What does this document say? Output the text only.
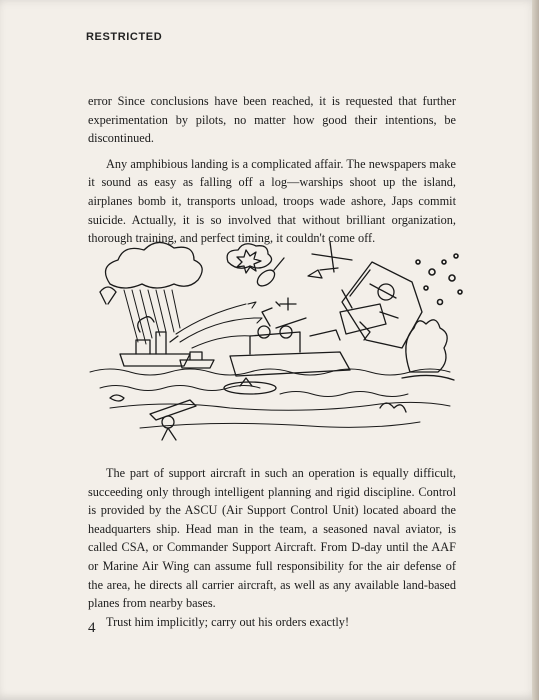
RESTRICTED

error Since conclusions have been reached, it is requested that further experimentation by pilots, no matter how good their intentions, be discontinued.

Any amphibious landing is a complicated affair. The newspapers make it sound as easy as falling off a log—warships shoot up the island, airplanes bomb it, transports unload, troops wade ashore, Japs commit suicide. Actually, it is so involved that without brilliant organization, thorough training, and perfect timing, it couldn't come off.

The part of support aircraft in such an operation is equally difficult, succeeding only through intelligent planning and rigid discipline. Control is provided by the ASCU (Air Support Control Unit) located aboard the headquarters ship. Head man in the team, a seasoned naval aviator, is called CSA, or Commander Support Aircraft. From D-day until the AAF or Marine Air Wing can assume full responsibility for the air defense of the area, he directs all carrier aircraft, as well as any available land-based planes from nearby bases.

Trust him implicitly; carry out his orders exactly!

4
